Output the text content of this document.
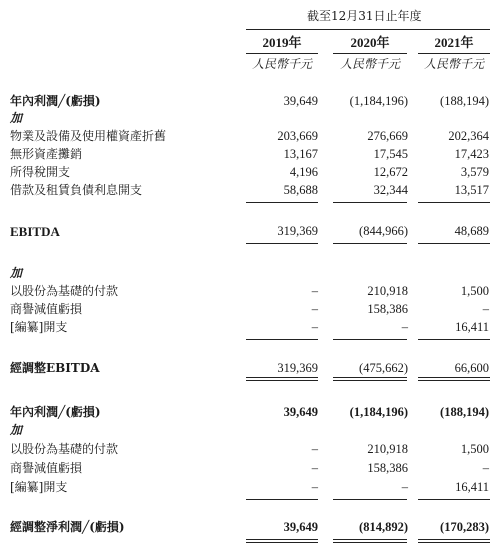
截至12月31日止年度
2019年	2020年	2021年
人民幣千元	人民幣千元	人民幣千元
年內利潤╱(虧損)	39,649	(1,184,196)	(188,194)
加
物業及設備及使用權資產折舊	203,669	276,669	202,364
無形資產攤銷	13,167	17,545	17,423
所得稅開支	4,196	12,672	3,579
借款及租賃負債利息開支	58,688	32,344	13,517
EBITDA	319,369	(844,966)	48,689
加
以股份為基礎的付款	–	210,918	1,500
商譽減值虧損	–	158,386	–
[編纂]開支	–	–	16,411
經調整EBITDA	319,369	(475,662)	66,600
年內利潤╱(虧損)	39,649	(1,184,196)	(188,194)
加
以股份為基礎的付款	–	210,918	1,500
商譽減值虧損	–	158,386	–
[編纂]開支	–	–	16,411
經調整淨利潤╱(虧損)	39,649	(814,892)	(170,283)
